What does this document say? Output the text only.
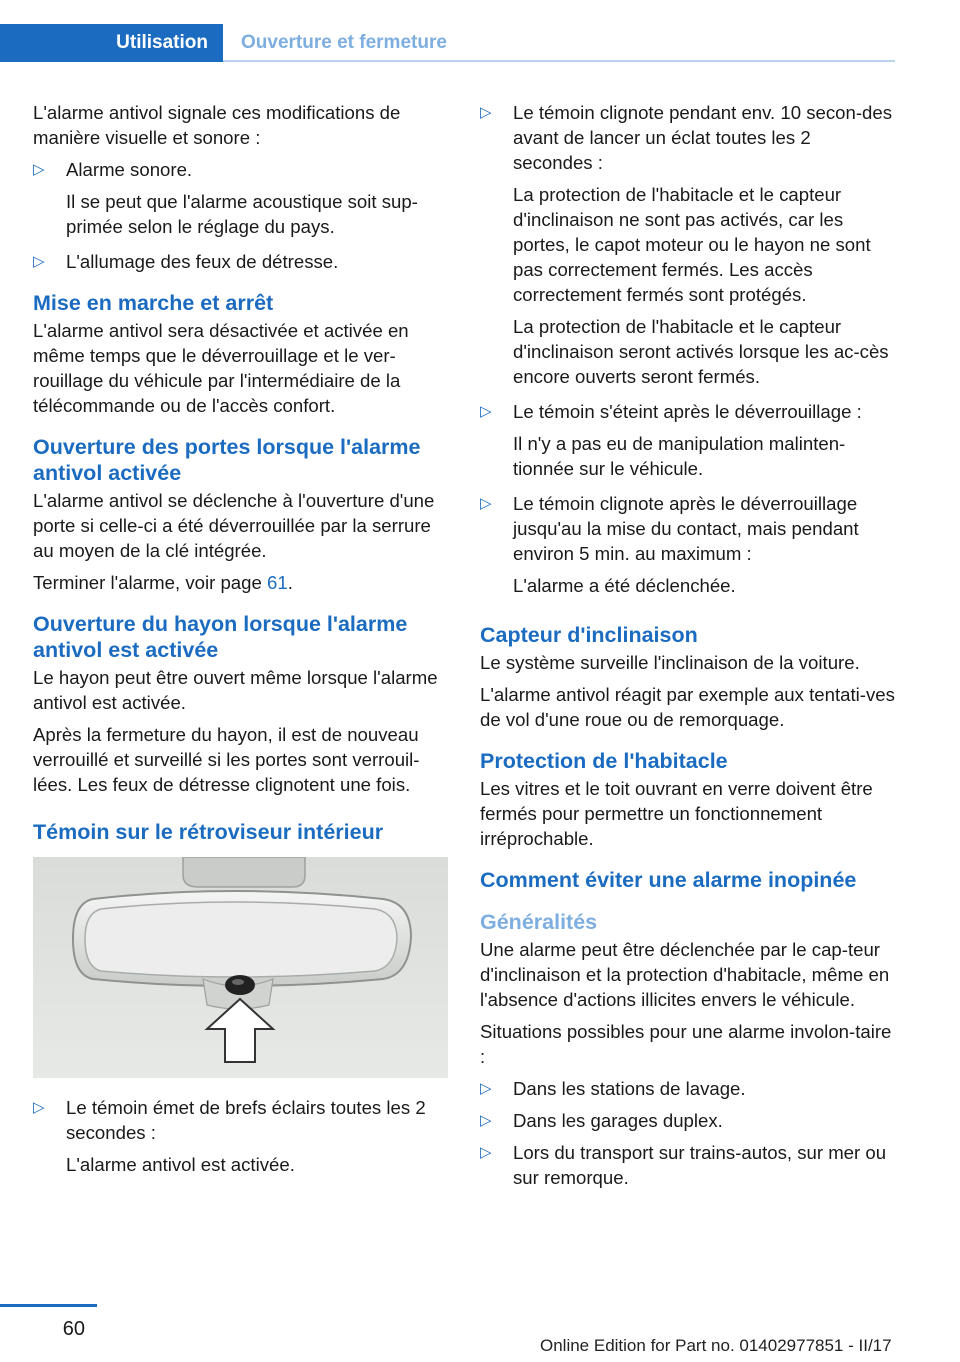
Utilisation	Ouverture et fermeture

L'alarme antivol signale ces modifications de manière visuelle et sonore :

▷ Alarme sonore.
Il se peut que l'alarme acoustique soit sup‐primée selon le réglage du pays.
▷ L'allumage des feux de détresse.
Mise en marche et arrêt

L'alarme antivol sera désactivée et activée en même temps que le déverrouillage et le ver‐rouillage du véhicule par l'intermédiaire de la télécommande ou de l'accès confort.

Ouverture des portes lorsque l'alarme antivol activée

L'alarme antivol se déclenche à l'ouverture d'une porte si celle-ci a été déverrouillée par la serrure au moyen de la clé intégrée.

Terminer l'alarme, voir page 61.

Ouverture du hayon lorsque l'alarme antivol est activée

Le hayon peut être ouvert même lorsque l'alarme antivol est activée.

Après la fermeture du hayon, il est de nouveau verrouillé et surveillé si les portes sont verrouil‐lées. Les feux de détresse clignotent une fois.

Témoin sur le rétroviseur intérieur
▷ Le témoin émet de brefs éclairs toutes les 2 secondes :
L'alarme antivol est activée.
▷ Le témoin clignote pendant env. 10 secon‐des avant de lancer un éclat toutes les 2 secondes :
La protection de l'habitacle et le capteur d'inclinaison ne sont pas activés, car les portes, le capot moteur ou le hayon ne sont pas correctement fermés. Les accès correctement fermés sont protégés.
La protection de l'habitacle et le capteur d'inclinaison seront activés lorsque les ac‐cès encore ouverts seront fermés.
▷ Le témoin s'éteint après le déverrouillage :
Il n'y a pas eu de manipulation malinten‐tionnée sur le véhicule.
▷ Le témoin clignote après le déverrouillage jusqu'au la mise du contact, mais pendant environ 5 min. au maximum :
L'alarme a été déclenchée.
Capteur d'inclinaison

Le système surveille l'inclinaison de la voiture.

L'alarme antivol réagit par exemple aux tentati‐ves de vol d'une roue ou de remorquage.

Protection de l'habitacle

Les vitres et le toit ouvrant en verre doivent être fermés pour permettre un fonctionnement irréprochable.

Comment éviter une alarme inopinée
Généralités

Une alarme peut être déclenchée par le cap‐teur d'inclinaison et la protection d'habitacle, même en l'absence d'actions illicites envers le véhicule.

Situations possibles pour une alarme involon‐taire :

▷ Dans les stations de lavage.
▷ Dans les garages duplex.
▷ Lors du transport sur trains-autos, sur mer ou sur remorque.
60
Online Edition for Part no. 01402977851 - II/17
